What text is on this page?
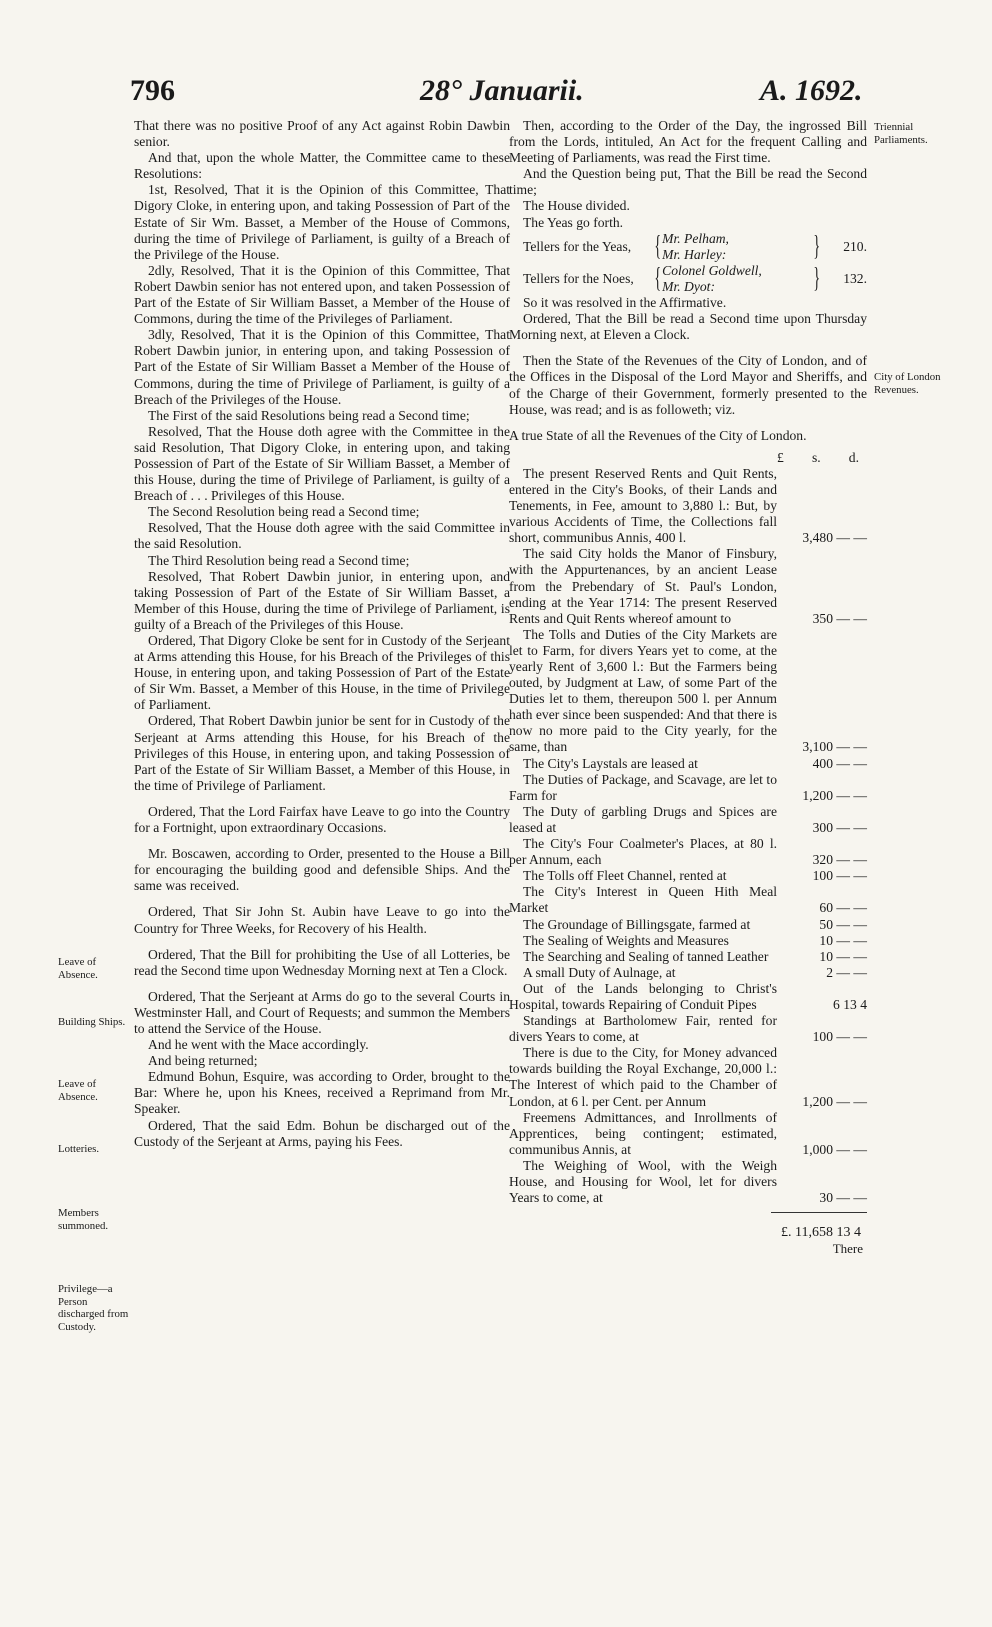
796	28° Januarii.	A. 1692.

That there was no positive Proof of any Act against Robin Dawbin senior.

And that, upon the whole Matter, the Committee came to these Resolutions:

1st, Resolved, That it is the Opinion of this Committee, That Digory Cloke, in entering upon, and taking Possession of Part of the Estate of Sir Wm. Basset, a Member of the House of Commons, during the time of Privilege of Parliament, is guilty of a Breach of the Privilege of the House.

2dly, Resolved, That it is the Opinion of this Committee, That Robert Dawbin senior has not entered upon, and taken Possession of Part of the Estate of Sir William Basset, a Member of the House of Commons, during the time of the Privileges of Parliament.

3dly, Resolved, That it is the Opinion of this Committee, That Robert Dawbin junior, in entering upon, and taking Possession of Part of the Estate of Sir William Basset a Member of the House of Commons, during the time of Privilege of Parliament, is guilty of a Breach of the Privileges of the House.

The First of the said Resolutions being read a Second time;

Resolved, That the House doth agree with the Committee in the said Resolution, That Digory Cloke, in entering upon, and taking Possession of Part of the Estate of Sir William Basset, a Member of this House, during the time of Privilege of Parliament, is guilty of a Breach of . . . Privileges of this House.

The Second Resolution being read a Second time;

Resolved, That the House doth agree with the said Committee in the said Resolution.

The Third Resolution being read a Second time;

Resolved, That Robert Dawbin junior, in entering upon, and taking Possession of Part of the Estate of Sir William Basset, a Member of this House, during the time of Privilege of Parliament, is guilty of a Breach of the Privileges of this House.

Ordered, That Digory Cloke be sent for in Custody of the Serjeant at Arms attending this House, for his Breach of the Privileges of this House, in entering upon, and taking Possession of Part of the Estate of Sir Wm. Basset, a Member of this House, in the time of Privilege of Parliament.

Ordered, That Robert Dawbin junior be sent for in Custody of the Serjeant at Arms attending this House, for his Breach of the Privileges of this House, in entering upon, and taking Possession of Part of the Estate of Sir William Basset, a Member of this House, in the time of Privilege of Parliament.

Ordered, That the Lord Fairfax have Leave to go into the Country for a Fortnight, upon extraordinary Occasions.

Mr. Boscawen, according to Order, presented to the House a Bill for encouraging the building good and defensible Ships. And the same was received.

Ordered, That Sir John St. Aubin have Leave to go into the Country for Three Weeks, for Recovery of his Health.

Ordered, That the Bill for prohibiting the Use of all Lotteries, be read the Second time upon Wednesday Morning next at Ten a Clock.

Ordered, That the Serjeant at Arms do go to the several Courts in Westminster Hall, and Court of Requests; and summon the Members to attend the Service of the House.

And he went with the Mace accordingly.

And being returned;

Edmund Bohun, Esquire, was according to Order, brought to the Bar: Where he, upon his Knees, received a Reprimand from Mr. Speaker.

Ordered, That the said Edm. Bohun be discharged out of the Custody of the Serjeant at Arms, paying his Fees.

Leave of Absence.
Building Ships.
Leave of Absence.
Lotteries.
Members summoned.
Privilege—a Person discharged from Custody.

Then, according to the Order of the Day, the ingrossed Bill from the Lords, intituled, An Act for the frequent Calling and Meeting of Parliaments, was read the First time.

And the Question being put, That the Bill be read the Second time;

The House divided.

The Yeas go forth.

Tellers for the Yeas, { Mr. Pelham,
Mr. Harley:	} 210.
Tellers for the Noes, { Colonel Goldwell,
Mr. Dyot:	} 132.

So it was resolved in the Affirmative.

Ordered, That the Bill be read a Second time upon Thursday Morning next, at Eleven a Clock.

Then the State of the Revenues of the City of London, and of the Offices in the Disposal of the Lord Mayor and Sheriffs, and of the Charge of their Government, formerly presented to the House, was read; and is as followeth; viz.

A true State of all the Revenues of the City of London.

£ s. d.
The present Reserved Rents and Quit Rents, entered in the City's Books, of their Lands and Tenements, in Fee, amount to 3,880 l.: But, by various Accidents of Time, the Collections fall short, communibus Annis, 400 l.	3,480 — —
The said City holds the Manor of Finsbury, with the Appurtenances, by an ancient Lease from the Prebendary of St. Paul's London, ending at the Year 1714: The present Reserved Rents and Quit Rents whereof amount to	350 — —
The Tolls and Duties of the City Markets are let to Farm, for divers Years yet to come, at the yearly Rent of 3,600 l.: But the Farmers being outed, by Judgment at Law, of some Part of the Duties let to them, thereupon 500 l. per Annum hath ever since been suspended: And that there is now no more paid to the City yearly, for the same, than	3,100 — —
The City's Laystals are leased at	400 — —
The Duties of Package, and Scavage, are let to Farm for	1,200 — —
The Duty of garbling Drugs and Spices are leased at	300 — —
The City's Four Coalmeter's Places, at 80 l. per Annum, each	320 — —
The Tolls off Fleet Channel, rented at	100 — —
The City's Interest in Queen Hith Meal Market	60 — —
The Groundage of Billingsgate, farmed at	50 — —
The Sealing of Weights and Measures	10 — —
The Searching and Sealing of tanned Leather	10 — —
A small Duty of Aulnage, at	2 — —
Out of the Lands belonging to Christ's Hospital, towards Repairing of Conduit Pipes	6 13 4
Standings at Bartholomew Fair, rented for divers Years to come, at	100 — —
There is due to the City, for Money advanced towards building the Royal Exchange, 20,000 l.: The Interest of which paid to the Chamber of London, at 6 l. per Cent. per Annum	1,200 — —
Freemens Admittances, and Inrollments of Apprentices, being contingent; estimated, communibus Annis, at	1,000 — —
The Weighing of Wool, with the Weigh House, and Housing for Wool, let for divers Years to come, at	30 — —
£. 11,658 13 4
There
Triennial Parliaments.
City of London Revenues.
